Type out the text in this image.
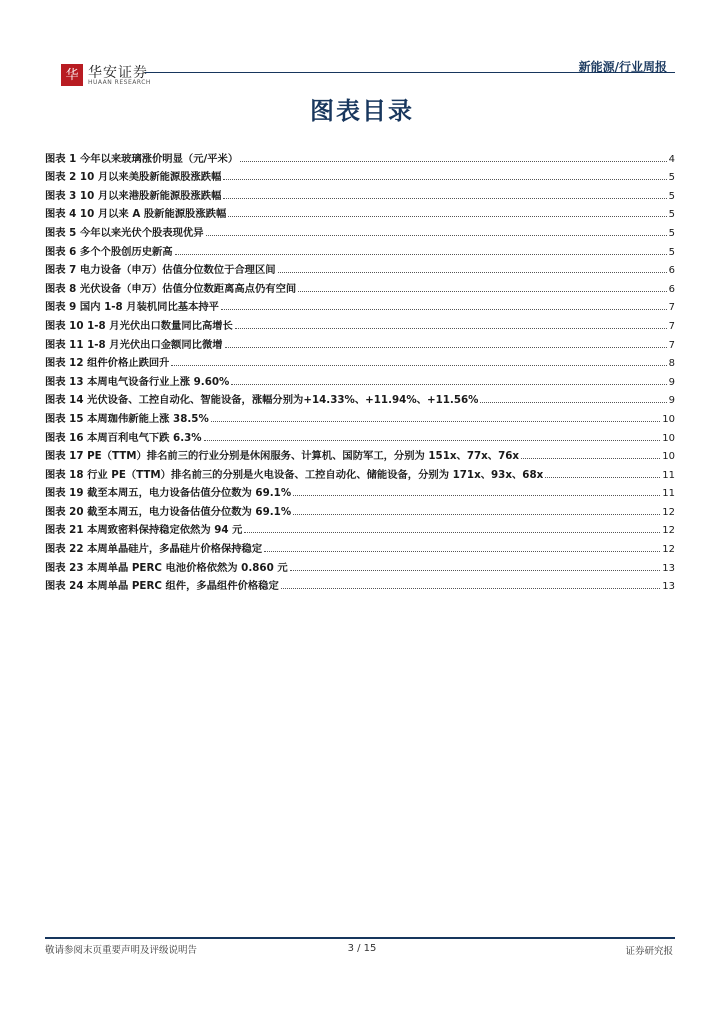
华 华安证券
HUAAN RESEARCH
新能源/行业周报
图表目录
图表 1 今年以来玻璃涨价明显（元/平米）	4
图表 2 10 月以来美股新能源股涨跌幅	5
图表 3 10 月以来港股新能源股涨跌幅	5
图表 4 10 月以来 A 股新能源股涨跌幅	5
图表 5 今年以来光伏个股表现优异	5
图表 6 多个个股创历史新高	5
图表 7 电力设备（申万）估值分位数位于合理区间	6
图表 8 光伏设备（申万）估值分位数距离高点仍有空间	6
图表 9 国内 1-8 月装机同比基本持平	7
图表 10 1-8 月光伏出口数量同比高增长	7
图表 11 1-8 月光伏出口金额同比微增	7
图表 12 组件价格止跌回升	8
图表 13 本周电气设备行业上涨 9.60%	9
图表 14 光伏设备、工控自动化、智能设备，涨幅分别为+14.33%、+11.94%、+11.56%	9
图表 15 本周珈伟新能上涨 38.5%	10
图表 16 本周百利电气下跌 6.3%	10
图表 17 PE（TTM）排名前三的行业分别是休闲服务、计算机、国防军工，分别为 151x、77x、76x	10
图表 18 行业 PE（TTM）排名前三的分别是火电设备、工控自动化、储能设备，分别为 171x、93x、68x	11
图表 19 截至本周五，电力设备估值分位数为 69.1%	11
图表 20 截至本周五，电力设备估值分位数为 69.1%	12
图表 21 本周致密料保持稳定依然为 94 元	12
图表 22 本周单晶硅片，多晶硅片价格保持稳定	12
图表 23 本周单晶 PERC 电池价格依然为 0.860 元	13
图表 24 本周单晶 PERC 组件，多晶组件价格稳定	13
敬请参阅末页重要声明及评级说明告	3 / 15	证券研究报
